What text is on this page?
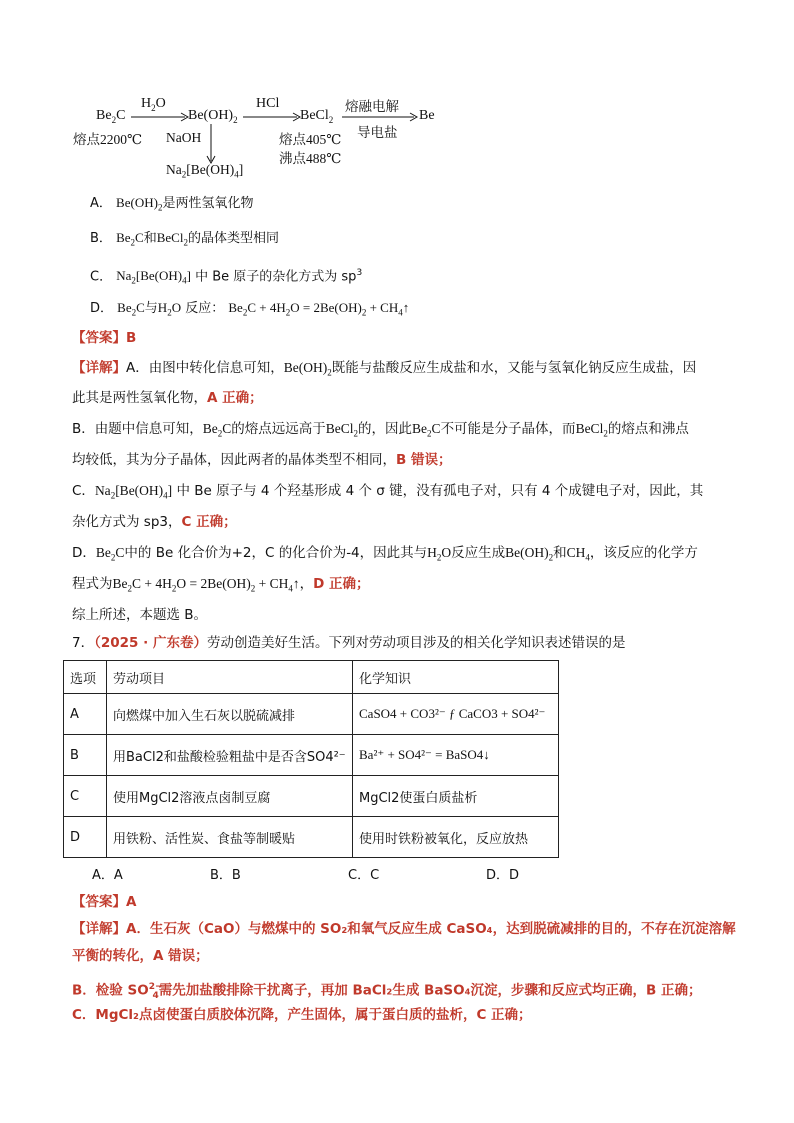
$Be_2C$
熔点2200℃
$H_2O$
$Be(OH)_2$
NaOH
$Na_2[Be(OH)_4]$
HCl
BeCl$_2$
熔点405℃
沸点488℃
熔融电解
导电盐
Be
A． $Be(OH)_2$是两性氢氧化物
B． $Be_2C$和BeCl$_2$的晶体类型相同
C． $Na_2[Be(OH)_4]$ 中 Be 原子的杂化方式为 $sp^3$
D． $Be_2C$与$H_2O$ 反应： $Be_2C + 4H_2O = 2Be(OH)_2$ + $CH_4↑$
【答案】B
【详解】A．由图中转化信息可知，$Be(OH)_2$既能与盐酸反应生成盐和水，又能与氢氧化钠反应生成盐，因
此其是两性氢氧化物，A 正确；
B．由题中信息可知，$Be_2C$的熔点远远高于BeCl$_2$的，因此$Be_2C$不可能是分子晶体，而BeCl$_2$的熔点和沸点
均较低，其为分子晶体，因此两者的晶体类型不相同，B 错误；
C．$Na_2[Be(OH)_4]$ 中 Be 原子与 4 个羟基形成 4 个 σ 键，没有孤电子对，只有 4 个成键电子对，因此，其
杂化方式为 sp3，C 正确；
D．$Be_2C$中的 Be 化合价为+2，C 的化合价为-4，因此其与$H_2O$反应生成$Be(OH)_2$和$CH_4$，该反应的化学方
程式为$Be_2C + 4H_2O = 2Be(OH)_2$ + $CH_4↑$，D 正确；
综上所述，本题选 B。
7．（2025 · 广东卷）劳动创造美好生活。下列对劳动项目涉及的相关化学知识表述错误的是
选项	劳动项目	化学知识
A	向燃煤中加入生石灰以脱硫减排	CaSO4 + CO3²⁻ ƒ CaCO3 + SO4²⁻
B	用BaCl2和盐酸检验粗盐中是否含SO4²⁻	Ba²⁺ + SO4²⁻ = BaSO4↓
C	使用MgCl2溶液点卤制豆腐	MgCl2使蛋白质盐析
D	用铁粉、活性炭、食盐等制暖贴	使用时铁粉被氧化，反应放热
A．A	B．B	C．C	D．D
【答案】A
【详解】A．生石灰（CaO）与燃煤中的 SO₂和氧气反应生成 CaSO₄，达到脱硫减排的目的，不存在沉淀溶解
平衡的转化，A 错误；
B．检验 $SO^{2-}_4$需先加盐酸排除干扰离子，再加 BaCl₂生成 BaSO₄沉淀，步骤和反应式均正确，B 正确；
C．MgCl₂点卤使蛋白质胶体沉降，产生固体，属于蛋白质的盐析，C 正确；
